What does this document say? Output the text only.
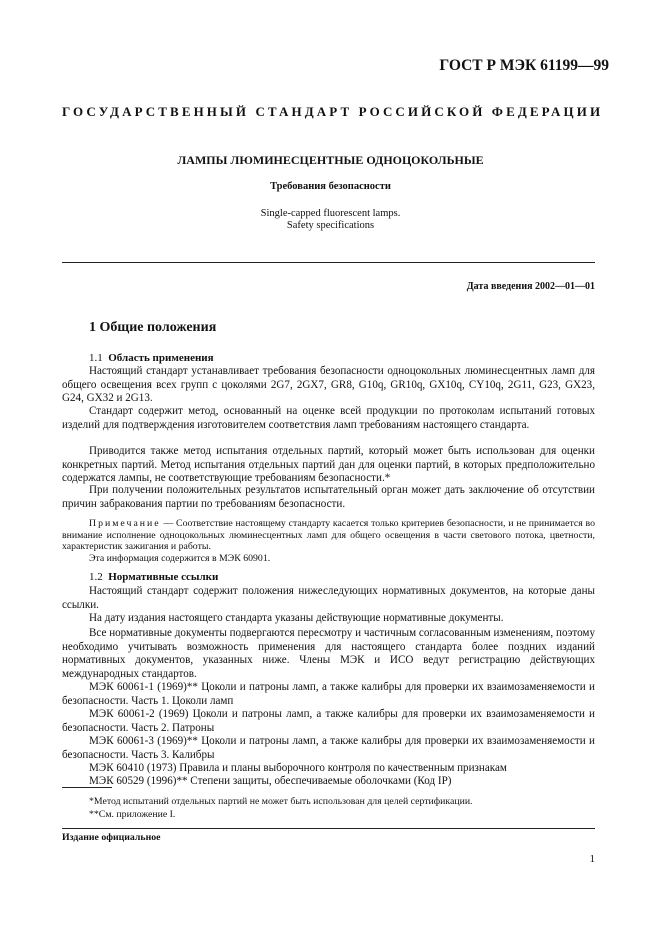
ГОСТ Р МЭК 61199—99
ГОСУДАРСТВЕННЫЙ СТАНДАРТ РОССИЙСКОЙ ФЕДЕРАЦИИ
ЛАМПЫ ЛЮМИНЕСЦЕНТНЫЕ ОДНОЦОКОЛЬНЫЕ
Требования безопасности
Single-capped fluorescent lamps.
Safety specifications
Дата введения 2002—01—01
1 Общие положения
1.1 Область применения
Настоящий стандарт устанавливает требования безопасности одноцокольных люминесцентных ламп для общего освещения всех групп с цоколями 2G7, 2GX7, GR8, G10q, GR10q, GX10q, CY10q, 2G11, G23, GX23, G24, GX32 и 2G13.
Стандарт содержит метод, основанный на оценке всей продукции по протоколам испытаний готовых изделий для подтверждения изготовителем соответствия ламп требованиям настоящего стандарта.
Приводится также метод испытания отдельных партий, который может быть использован для оценки конкретных партий. Метод испытания отдельных партий дан для оценки партий, в которых предположительно содержатся лампы, не соответствующие требованиям безопасности.*
При получении положительных результатов испытательный орган может дать заключение об отсутствии причин забракования партии по требованиям безопасности.
Примечание — Соответствие настоящему стандарту касается только критериев безопасности, и не принимается во внимание исполнение одноцокольных люминесцентных ламп для общего освещения в части светового потока, цветности, характеристик зажигания и работы.
Эта информация содержится в МЭК 60901.
1.2 Нормативные ссылки
Настоящий стандарт содержит положения нижеследующих нормативных документов, на которые даны ссылки.
На дату издания настоящего стандарта указаны действующие нормативные документы.
Все нормативные документы подвергаются пересмотру и частичным согласованным изменениям, поэтому необходимо учитывать возможность применения для настоящего стандарта более поздних изданий нормативных документов, указанных ниже. Члены МЭК и ИСО ведут регистрацию действующих международных стандартов.
МЭК 60061-1 (1969)** Цоколи и патроны ламп, а также калибры для проверки их взаимозаменяемости и безопасности. Часть 1. Цоколи ламп
МЭК 60061-2 (1969) Цоколи и патроны ламп, а также калибры для проверки их взаимозаменяемости и безопасности. Часть 2. Патроны
МЭК 60061-3 (1969)** Цоколи и патроны ламп, а также калибры для проверки их взаимозаменяемости и безопасности. Часть 3. Калибры
МЭК 60410 (1973) Правила и планы выборочного контроля по качественным признакам
МЭК 60529 (1996)** Степени защиты, обеспечиваемые оболочками (Код IP)
*Метод испытаний отдельных партий не может быть использован для целей сертификации.
**См. приложение I.
Издание официальное
1
